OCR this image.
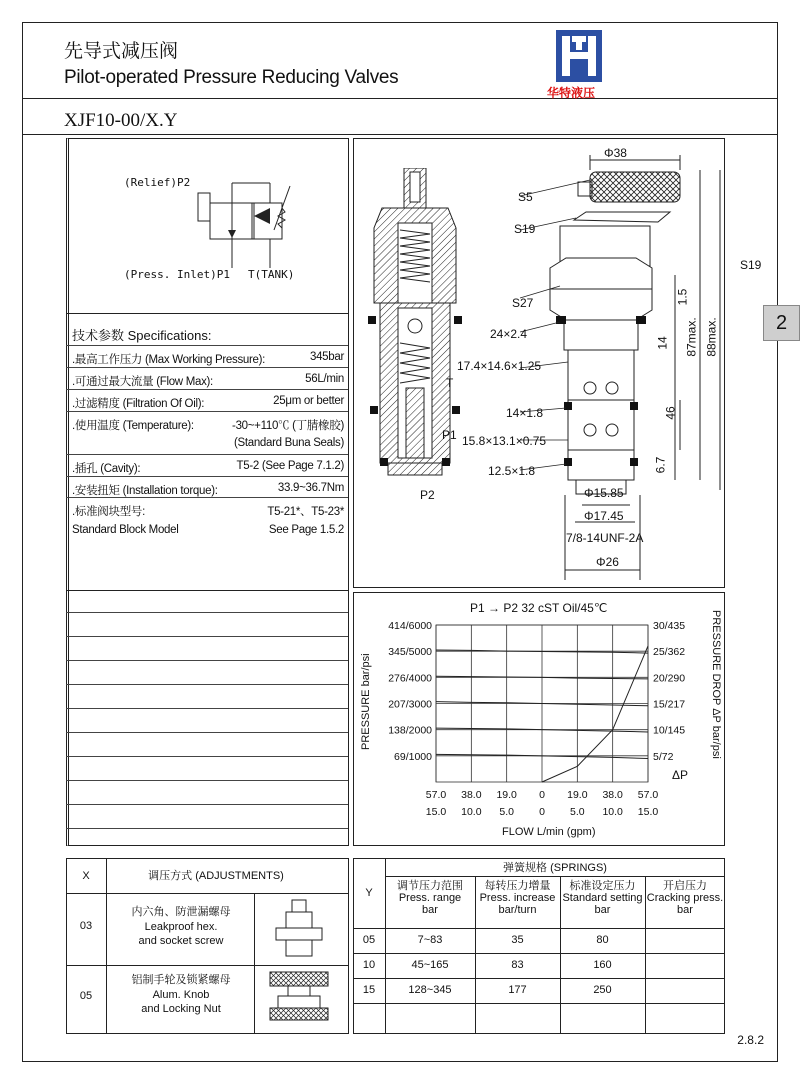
先导式减压阀
Pilot-operated Pressure Reducing Valves
XJF10-00/X.Y
华特液压
2
(Relief)P2
(Press. Inlet)P1 T(TANK)
技术参数 Specifications:
.最高工作压力 (Max Working Pressure):	345bar
.可通过最大流量 (Flow Max):	56L/min
.过滤精度 (Filtration Of Oil):	25μm or better
.使用温度 (Temperature):	-30~+110℃ (丁腈橡胶)
(Standard Buna Seals)
.插孔 (Cavity):	T5-2 (See Page 7.1.2)
.安装扭矩 (Installation torque):	33.9~36.7Nm
.标准阀块型号:	T5-21*、T5-23*
Standard Block Model	See Page 1.5.2
T
P1
P2
Φ38
S5
S19
S19
S27
24×2.4
17.4×14.6×1.25
14×1.8
15.8×13.1×0.75
12.5×1.8
Φ15.85
Φ17.45
7/8-14UNF-2A
Φ26
1.5
14
46
6.7
87max. 88max.
P1 → P2 32 cST Oil/45℃
414/6000
345/5000
276/4000
207/3000
138/2000
69/1000
30/435
25/362
20/290
15/217
10/145
5/72
57.0 38.0 19.0 0 19.0 38.0 57.0
15.0 10.0 5.0 0 5.0 10.0 15.0
PRESSURE bar/psi	PRESSURE DROP ΔP bar/psi
FLOW L/min (gpm)
ΔP
X	调压方式 (ADJUSTMENTS)
03
内六角、防泄漏螺母
Leakproof hex.
and socket screw
05
铝制手轮及锁紧螺母
Alum. Knob
and Locking Nut
Y
弹簧规格 (SPRINGS)
调节压力范围
Press. range
bar
每转压力增量
Press. increase
bar/turn
标准设定压力
Standard setting
bar
开启压力
Cracking press.
bar
05	7~83	35	80
10	45~165	83	160
15	128~345	177	250
2.8.2
